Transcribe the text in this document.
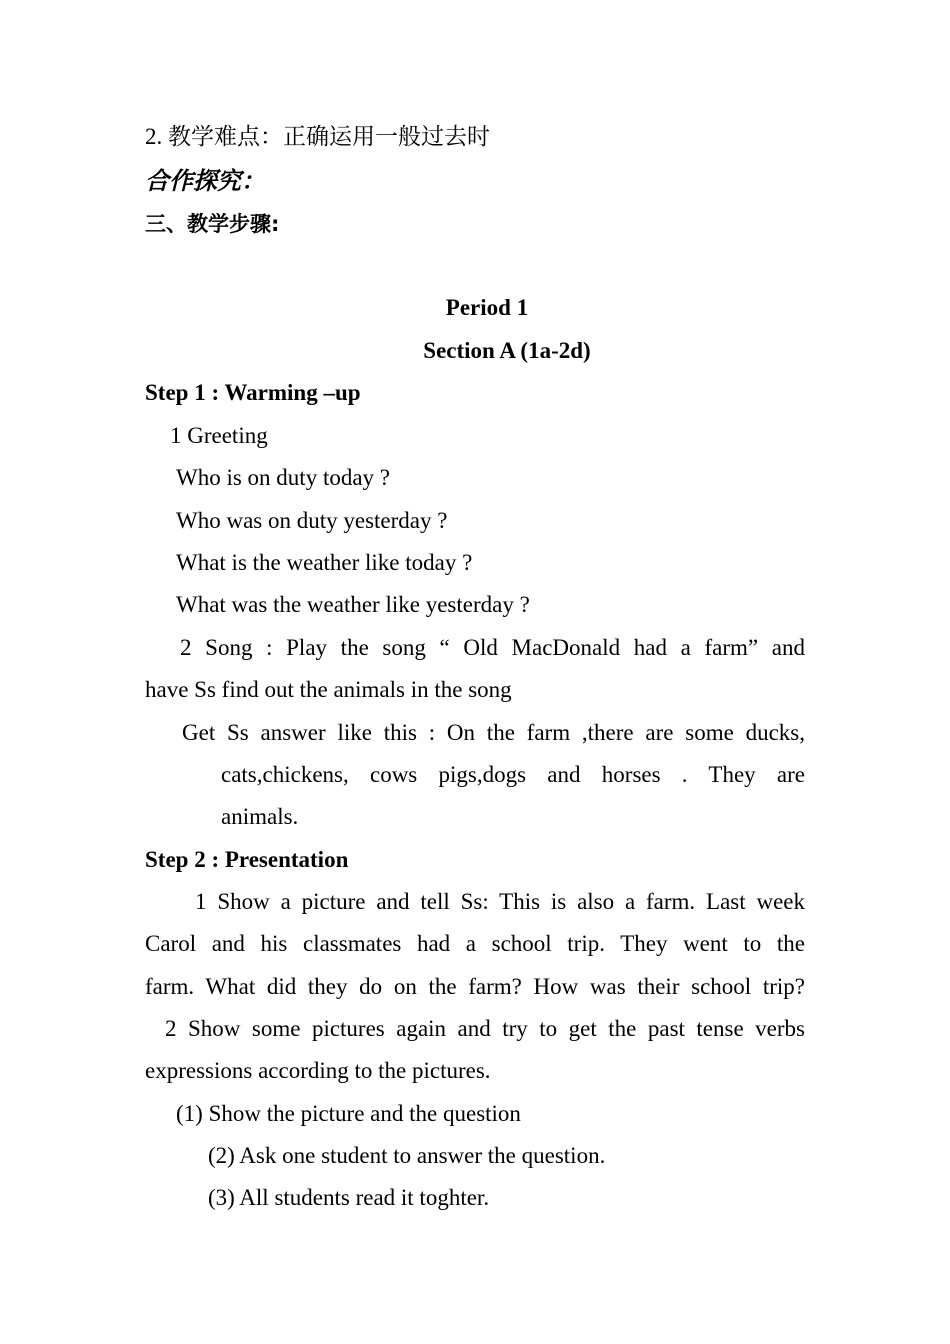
2. 教学难点：正确运用一般过去时
合作探究：
三、教学步骤:
Period 1
Section A (1a-2d)
Step 1 : Warming –up
1 Greeting
Who is on duty today ?
Who was on duty yesterday ?
What is the weather like today ?
What was the weather like yesterday ?
2 Song : Play the song “ Old MacDonald had a farm” and
have Ss find out the animals in the song
Get Ss answer like this : On the farm ,there are some ducks,
cats,chickens, cows pigs,dogs and horses . They are
animals.
Step 2 : Presentation
1 Show a picture and tell Ss: This is also a farm. Last week
Carol and his classmates had a school trip. They went to the
farm. What did they do on the farm? How was their school trip?
2 Show some pictures again and try to get the past tense verbs
expressions according to the pictures.
(1) Show the picture and the question
(2) Ask one student to answer the question.
(3) All students read it toghter.
